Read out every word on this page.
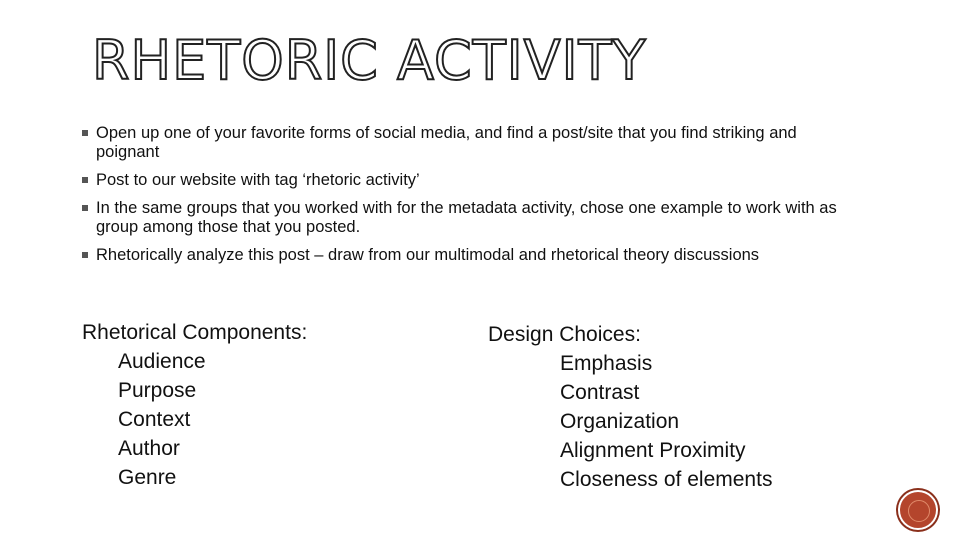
RHETORIC ACTIVITY
Open up one of your favorite forms of social media, and find a post/site that you find striking and poignant
Post to our website with tag ‘rhetoric activity’
In the same groups that you worked with for the metadata activity, chose one example to work with as group among those that you posted.
Rhetorically analyze this post – draw from our multimodal and rhetorical theory discussions
Rhetorical Components:
Audience
Purpose
Context
Author
Genre
Design Choices:
Emphasis
Contrast
Organization
Alignment Proximity
Closeness of elements
